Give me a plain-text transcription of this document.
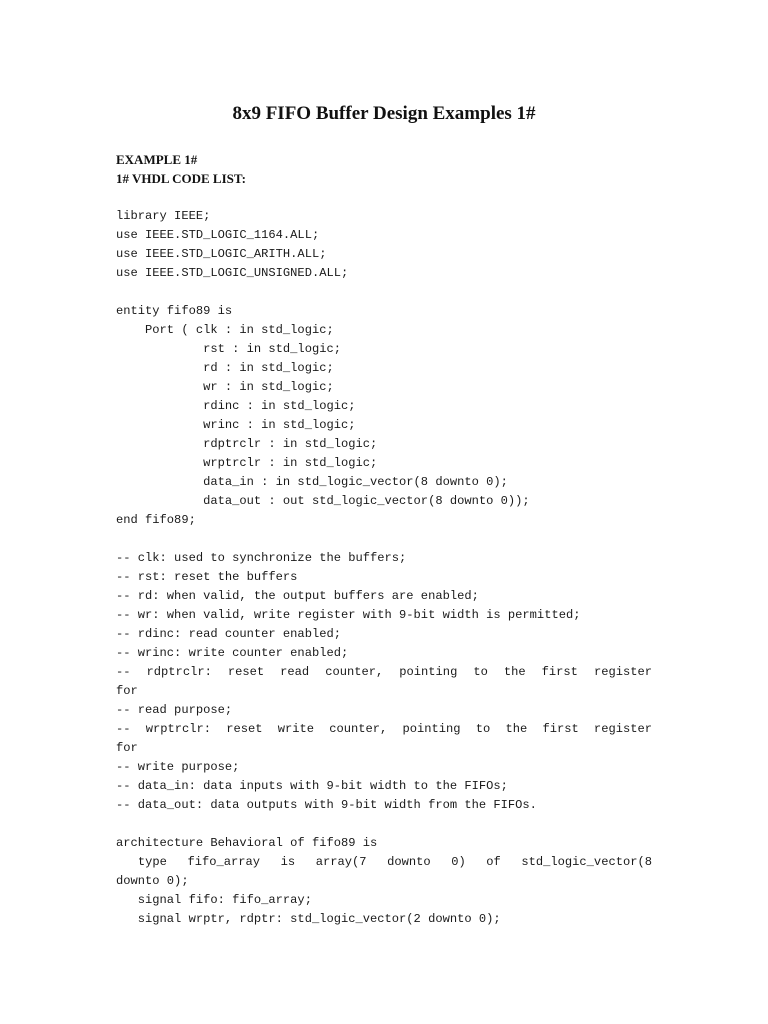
8x9 FIFO Buffer Design Examples 1#
EXAMPLE 1#
1# VHDL CODE LIST:
library IEEE;
use IEEE.STD_LOGIC_1164.ALL;
use IEEE.STD_LOGIC_ARITH.ALL;
use IEEE.STD_LOGIC_UNSIGNED.ALL;

entity fifo89 is
Port ( clk : in std_logic;
rst : in std_logic;
rd : in std_logic;
wr : in std_logic;
rdinc : in std_logic;
wrinc : in std_logic;
rdptrclr : in std_logic;
wrptrclr : in std_logic;
data_in : in std_logic_vector(8 downto 0);
data_out : out std_logic_vector(8 downto 0));
end fifo89;

-- clk: used to synchronize the buffers;
-- rst: reset the buffers
-- rd: when valid, the output buffers are enabled;
-- wr: when valid, write register with 9-bit width is permitted;
-- rdinc: read counter enabled;
-- wrinc: write counter enabled;
-- rdptrclr: reset read counter, pointing to the first register
for
-- read purpose;
-- wrptrclr: reset write counter, pointing to the first register
for
-- write purpose;
-- data_in: data inputs with 9-bit width to the FIFOs;
-- data_out: data outputs with 9-bit width from the FIFOs.

architecture Behavioral of fifo89 is
type fifo_array is array(7 downto 0) of std_logic_vector(8
downto 0);
signal fifo: fifo_array;
signal wrptr, rdptr: std_logic_vector(2 downto 0);
